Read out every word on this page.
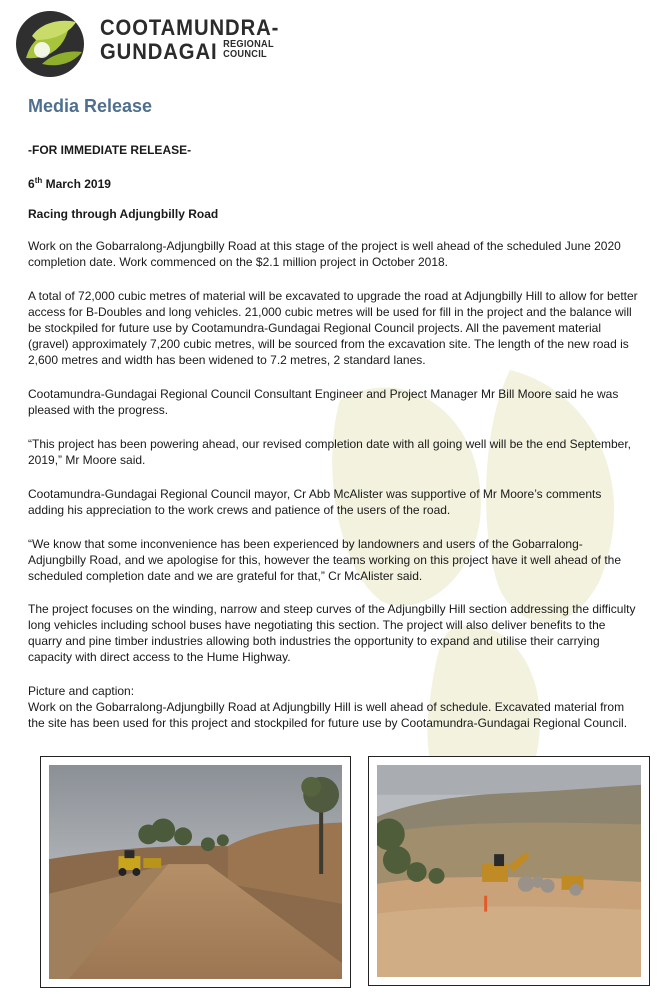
COOTAMUNDRA-
GUNDAGAI REGIONAL
COUNCIL
Media Release
-FOR IMMEDIATE RELEASE-
6th March 2019
Racing through Adjungbilly Road
Work on the Gobarralong-Adjungbilly Road at this stage of the project is well ahead of the scheduled June 2020 completion date. Work commenced on the $2.1 million project in October 2018.
A total of 72,000 cubic metres of material will be excavated to upgrade the road at Adjungbilly Hill to allow for better access for B-Doubles and long vehicles. 21,000 cubic metres will be used for fill in the project and the balance will be stockpiled for future use by Cootamundra-Gundagai Regional Council projects. All the pavement material (gravel) approximately 7,200 cubic metres, will be sourced from the excavation site. The length of the new road is 2,600 metres and width has been widened to 7.2 metres, 2 standard lanes.
Cootamundra-Gundagai Regional Council Consultant Engineer and Project Manager Mr Bill Moore said he was pleased with the progress.
“This project has been powering ahead, our revised completion date with all going well will be the end September, 2019,” Mr Moore said.
Cootamundra-Gundagai Regional Council mayor, Cr Abb McAlister was supportive of Mr Moore’s comments adding his appreciation to the work crews and patience of the users of the road.
“We know that some inconvenience has been experienced by landowners and users of the Gobarralong-Adjungbilly Road, and we apologise for this, however the teams working on this project have it well ahead of the scheduled completion date and we are grateful for that,” Cr McAlister said.
The project focuses on the winding, narrow and steep curves of the Adjungbilly Hill section addressing the difficulty long vehicles including school buses have negotiating this section. The project will also deliver benefits to the quarry and pine timber industries allowing both industries the opportunity to expand and utilise their carrying capacity with direct access to the Hume Highway.
Picture and caption:
Work on the Gobarralong-Adjungbilly Road at Adjungbilly Hill is well ahead of schedule. Excavated material from the site has been used for this project and stockpiled for future use by Cootamundra-Gundagai Regional Council.
